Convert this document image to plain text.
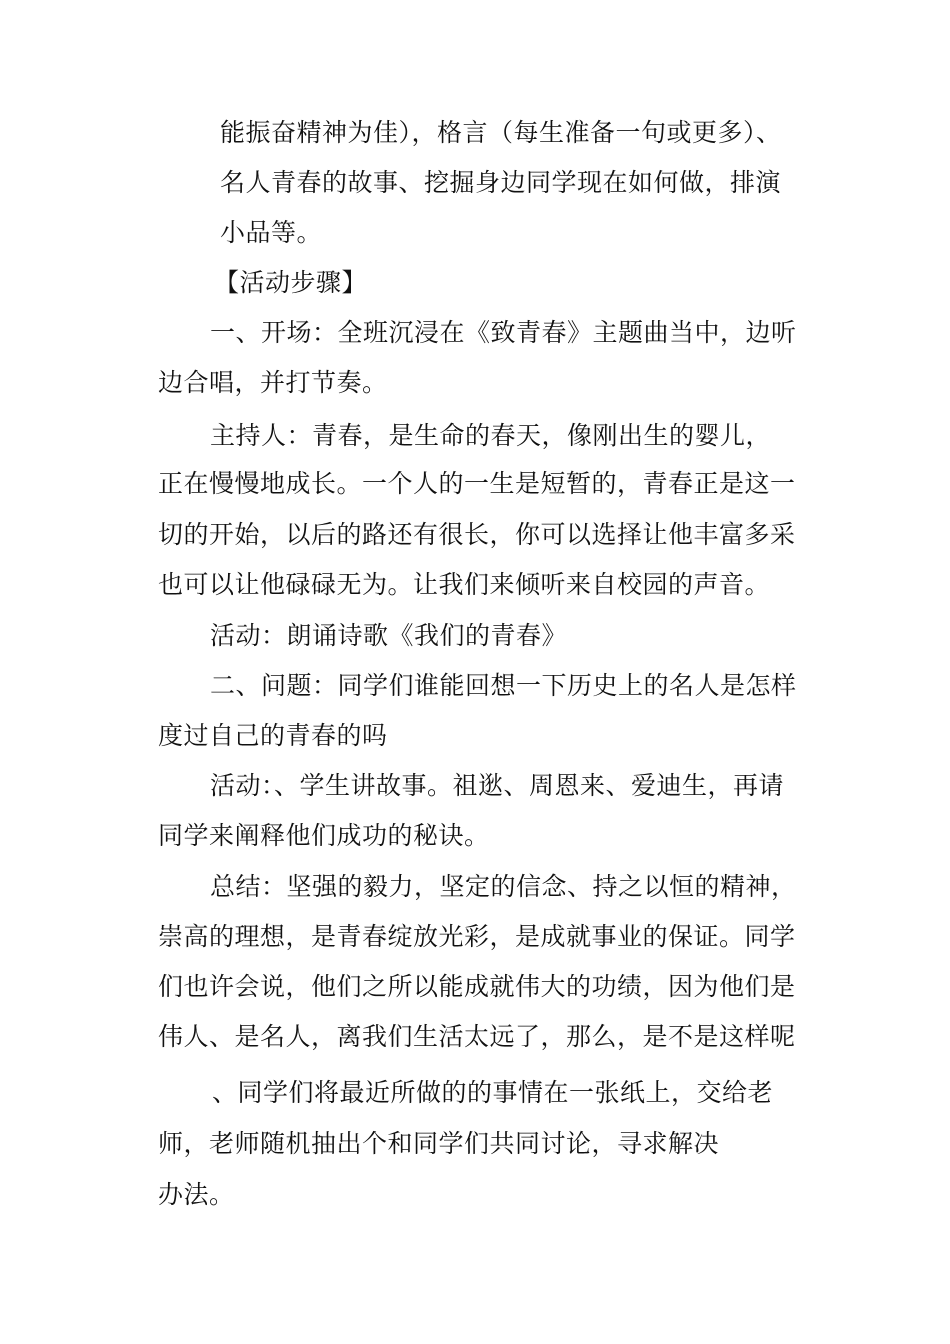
能振奋精神为佳），格言（每生准备一句或更多）、
名人青春的故事、挖掘身边同学现在如何做，排演
小品等。
【活动步骤】
一、开场：全班沉浸在《致青春》主题曲当中，边听
边合唱，并打节奏。
主持人：青春，是生命的春天，像刚出生的婴儿，
正在慢慢地成长。一个人的一生是短暂的，青春正是这一
切的开始，以后的路还有很长，你可以选择让他丰富多采
也可以让他碌碌无为。让我们来倾听来自校园的声音。
活动：朗诵诗歌《我们的青春》
二、问题：同学们谁能回想一下历史上的名人是怎样
度过自己的青春的吗
活动：、学生讲故事。祖逖、周恩来、爱迪生，再请
同学来阐释他们成功的秘诀。
总结：坚强的毅力，坚定的信念、持之以恒的精神，
崇高的理想，是青春绽放光彩，是成就事业的保证。同学
们也许会说，他们之所以能成就伟大的功绩，因为他们是
伟人、是名人，离我们生活太远了，那么，是不是这样呢
、同学们将最近所做的的事情在一张纸上，交给老
师，老师随机抽出个和同学们共同讨论，寻求解决
办法。
